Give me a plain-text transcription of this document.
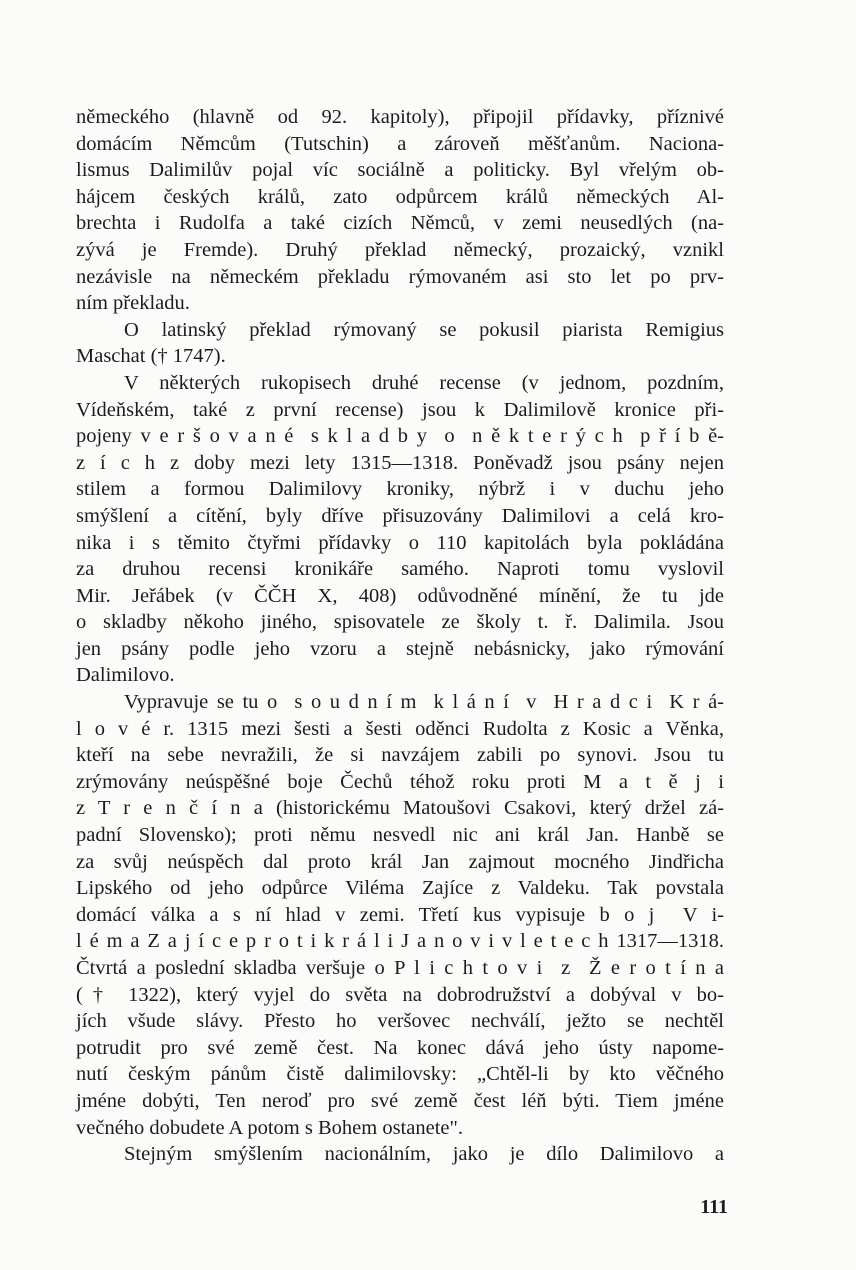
německého (hlavně od 92. kapitoly), připojil přídavky, příznivé
domácím Němcům (Tutschin) a zároveň měšťanům. Naciona-
lismus Dalimilův pojal víc sociálně a politicky. Byl vřelým ob-
hájcem českých králů, zato odpůrcem králů německých Al-
brechta i Rudolfa a také cizích Němců, v zemi neusedlých (na-
zývá je Fremde). Druhý překlad německý, prozaický, vznikl
nezávisle na německém překladu rýmovaném asi sto let po prv-
ním překladu.
O latinský překlad rýmovaný se pokusil piarista Remigius
Maschat († 1747).
V některých rukopisech druhé recense (v jednom, pozdním,
Vídeňském, také z první recense) jsou k Dalimilově kronice při-
pojeny v e r š o v a n é  s k l a d b y  o  n ě k t e r ý c h  p ř í b ě-
z í c h z doby mezi lety 1315—1318. Poněvadž jsou psány nejen
stilem a formou Dalimilovy kroniky, nýbrž i v duchu jeho
smýšlení a cítění, byly dříve přisuzovány Dalimilovi a celá kro-
nika i s těmito čtyřmi přídavky o 110 kapitolách byla pokládána
za druhou recensi kronikáře samého. Naproti tomu vyslovil
Mir. Jeřábek (v ČČH X, 408) odůvodněné mínění, že tu jde
o skladby někoho jiného, spisovatele ze školy t. ř. Dalimila. Jsou
jen psány podle jeho vzoru a stejně nebásnicky, jako rýmování
Dalimilovo.
Vypravuje se tu o  s o u d n í m  k l á n í  v  H r a d c i  K r á-
l o v é r. 1315 mezi šesti a šesti oděnci Rudolta z Kosic a Věnka,
kteří na sebe nevražili, že si navzájem zabili po synovi. Jsou tu
zrýmovány neúspěšné boje Čechů téhož roku proti M a t ě j i
z T r e n č í n a (historickému Matoušovi Csakovi, který držel zá-
padní Slovensko); proti němu nesvedl nic ani král Jan. Hanbě se
za svůj neúspěch dal proto král Jan zajmout mocného Jindřicha
Lipského od jeho odpůrce Viléma Zajíce z Valdeku. Tak povstala
domácí válka a s ní hlad v zemi. Třetí kus vypisuje b o j  V i-
l é m a Z a j í c e p r o t i k r á l i J a n o v i v l e t e c h 1317—1318.
Čtvrtá a poslední skladba veršuje o P l i c h t o v i  z  Ž e r o t í n a
(† 1322), který vyjel do světa na dobrodružství a dobýval v bo-
jích všude slávy. Přesto ho veršovec nechválí, ježto se nechtěl
potrudit pro své země čest. Na konec dává jeho ústy napome-
nutí českým pánům čistě dalimilovsky: „Chtěl-li by kto věčného
jméne dobýti, Ten neroď pro své země čest léň býti. Tiem jméne
večného dobudete A potom s Bohem ostanete".
Stejným smýšlením nacionálním, jako je dílo Dalimilovo a
111
